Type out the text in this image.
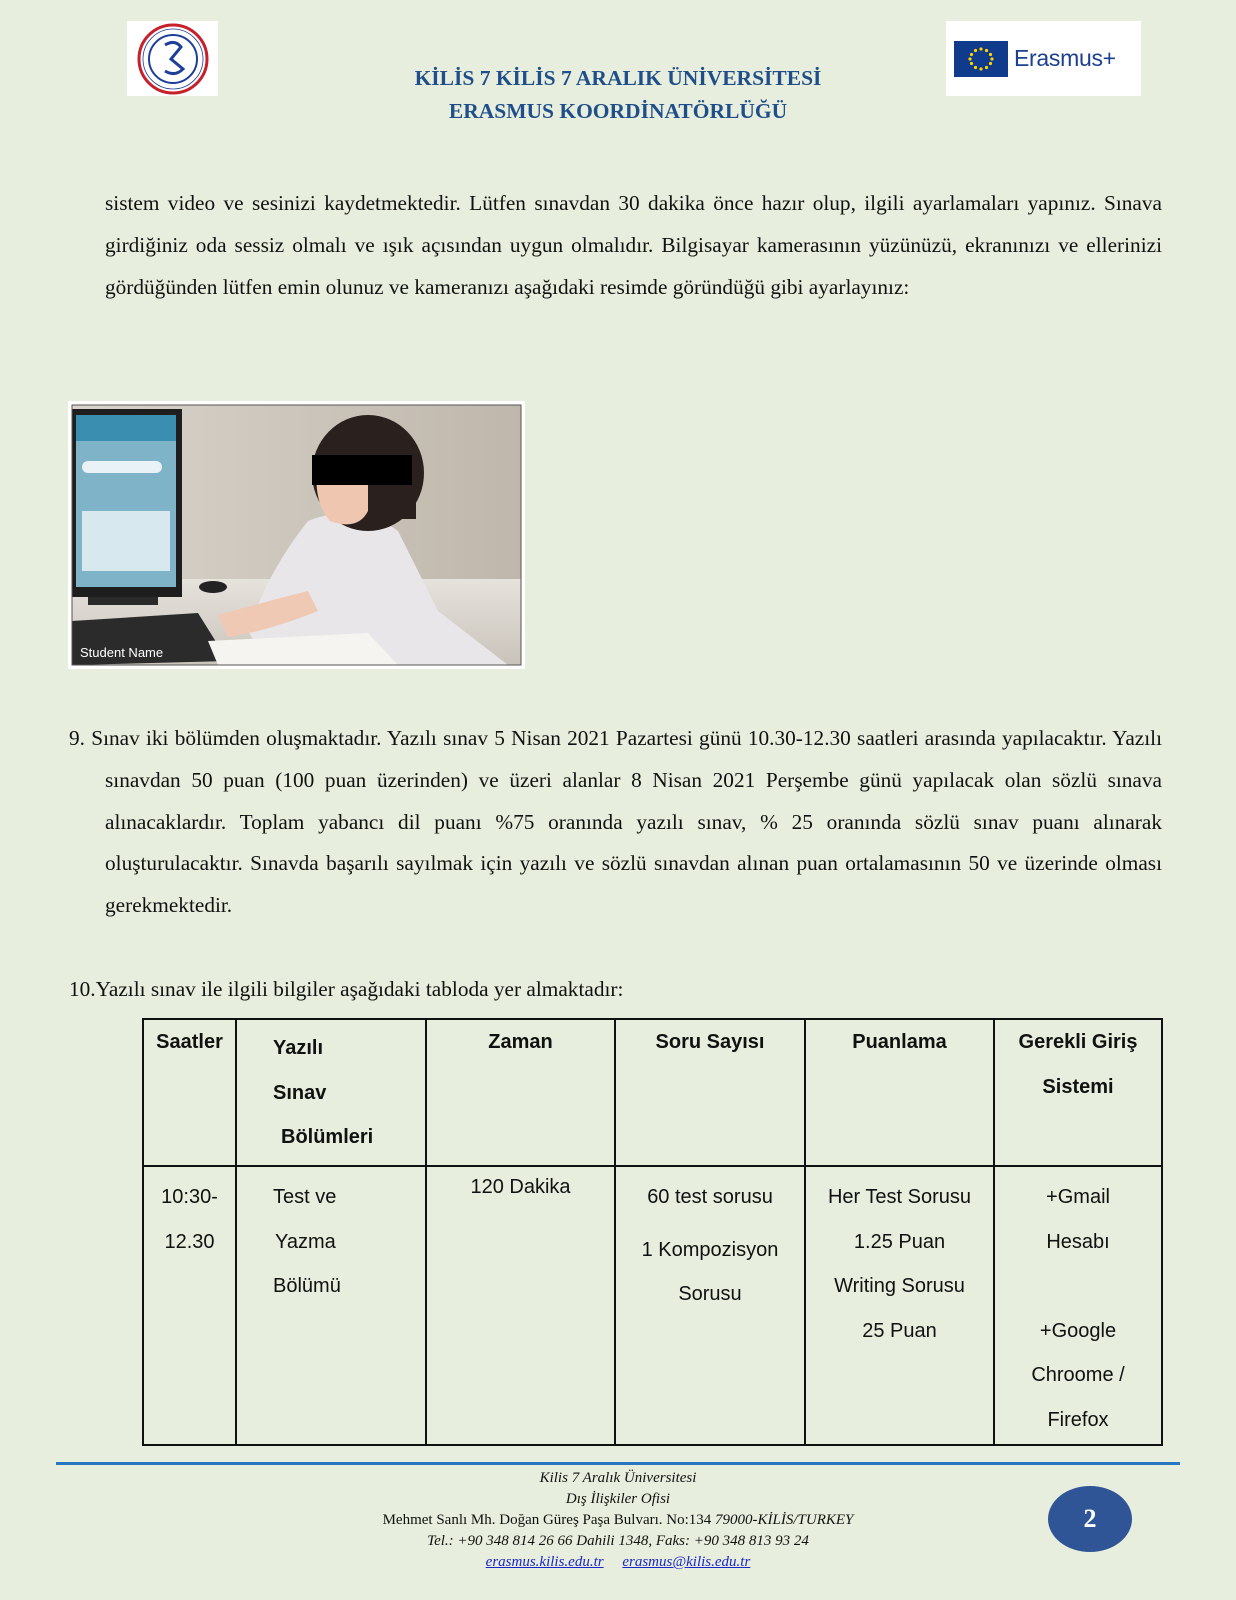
Erasmus+
KİLİS 7 KİLİS 7 ARALIK ÜNİVERSİTESİ
ERASMUS KOORDİNATÖRLÜĞÜ
sistem video ve sesinizi kaydetmektedir. Lütfen sınavdan 30 dakika önce hazır olup, ilgili ayarlamaları yapınız. Sınava girdiğiniz oda sessiz olmalı ve ışık açısından uygun olmalıdır. Bilgisayar kamerasının yüzünüzü, ekranınızı ve ellerinizi gördüğünden lütfen emin olunuz ve kameranızı aşağıdaki resimde göründüğü gibi ayarlayınız:
Student Name
9. Sınav iki bölümden oluşmaktadır. Yazılı sınav 5 Nisan 2021 Pazartesi günü 10.30-12.30 saatleri arasında yapılacaktır. Yazılı sınavdan 50 puan (100 puan üzerinden) ve üzeri alanlar 8 Nisan 2021 Perşembe günü yapılacak olan sözlü sınava alınacaklardır. Toplam yabancı dil puanı %75 oranında yazılı sınav, % 25 oranında sözlü sınav puanı alınarak oluşturulacaktır. Sınavda başarılı sayılmak için yazılı ve sözlü sınavdan alınan puan ortalamasının 50 ve üzerinde olması gerekmektedir.
10.Yazılı sınav ile ilgili bilgiler aşağıdaki tabloda yer almaktadır:
Saatler	Yazılı
Sınav
Bölümleri	Zaman	Soru Sayısı	Puanlama	Gerekli Giriş
Sistemi

10:30-
12.30	Test ve
Yazma
Bölümü	120 Dakika	60 test sorusu
1 Kompozisyon
Sorusu	Her Test Sorusu
1.25 Puan
Writing Sorusu
25 Puan	+Gmail
Hesabı

+Google
Chroome /
Firefox
Kilis 7 Aralık Üniversitesi
Dış İlişkiler Ofisi
Mehmet Sanlı Mh. Doğan Güreş Paşa Bulvarı. No:134 79000-KİLİS/TURKEY
Tel.: +90 348 814 26 66 Dahili 1348, Faks: +90 348 813 93 24
erasmus.kilis.edu.tr erasmus@kilis.edu.tr
2
